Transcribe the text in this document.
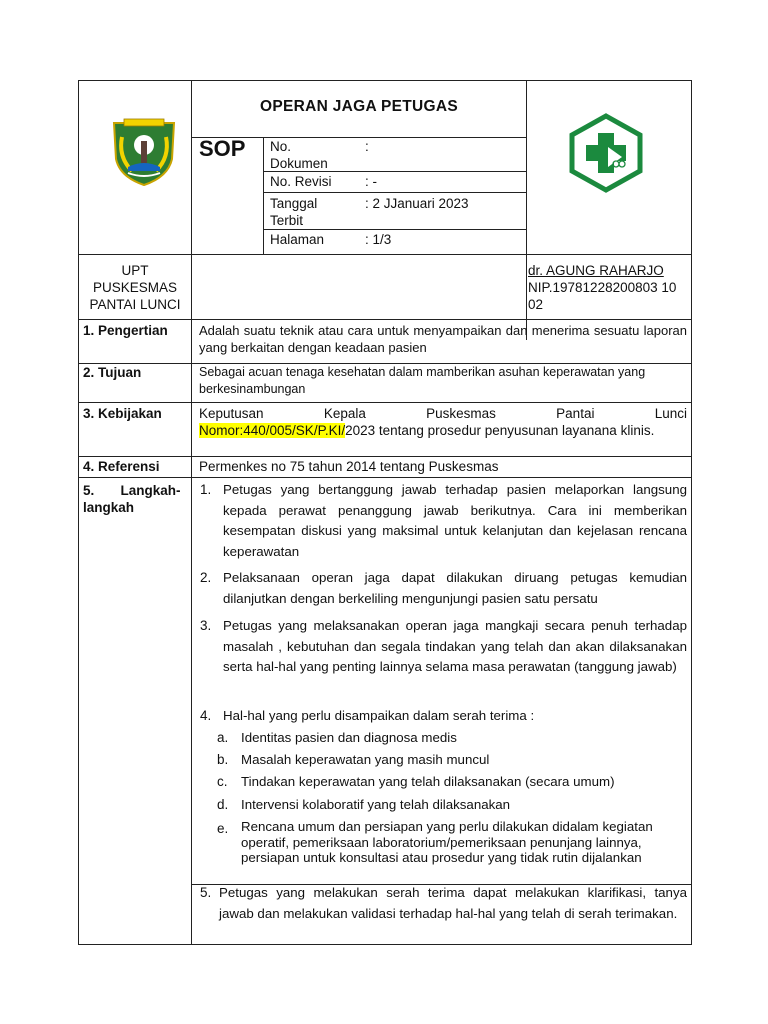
OPERAN JAGA PETUGAS
SOP No. Dokumen
:
No. Revisi : -
Tanggal Terbit
: 2 JJanuari 2023
Halaman	: 1/3
UPT PUSKESMAS PANTAI LUNCI
dr. AGUNG RAHARJO
NIP.19781228200803 1002
1. Pengertian
2. Tujuan
3. Kebijakan
4. Referensi
5.       Langkah-
langkah
Adalah suatu teknik atau cara untuk menyampaikan dan menerima sesuatu laporan yang berkaitan dengan keadaan pasien
Sebagai acuan tenaga kesehatan dalam mamberikan asuhan keperawatan yang berkesinambungan
Keputusan Kepala Puskesmas Pantai Lunci
Nomor:440/005/SK/P.KI/2023 tentang prosedur penyusunan layanana klinis.
Permenkes no 75 tahun 2014 tentang Puskesmas
1. Petugas yang bertanggung jawab terhadap pasien melaporkan langsung kepada perawat penanggung jawab berikutnya. Cara ini memberikan kesempatan diskusi yang maksimal untuk kelanjutan dan kejelasan rencana keperawatan
2. Pelaksanaan operan jaga dapat dilakukan diruang petugas kemudian dilanjutkan dengan berkeliling mengunjungi pasien satu persatu
3. Petugas yang melaksanakan operan jaga mangkaji secara penuh terhadap masalah , kebutuhan dan segala tindakan yang telah dan akan dilaksanakan serta hal-hal yang penting lainnya selama masa perawatan (tanggung jawab)
4. Hal-hal yang perlu disampaikan dalam serah terima :
a. Identitas pasien dan diagnosa medis
b. Masalah keperawatan yang masih muncul
c. Tindakan keperawatan yang telah dilaksanakan (secara umum)
d. Intervensi kolaboratif yang telah dilaksanakan
e. Rencana umum dan persiapan yang perlu dilakukan didalam kegiatan operatif, pemeriksaan laboratorium/pemeriksaan penunjang lainnya, persiapan untuk konsultasi atau prosedur yang tidak rutin dijalankan
5. Petugas yang melakukan serah terima dapat melakukan klarifikasi, tanya jawab dan melakukan validasi terhadap hal-hal yang telah di serah terimakan.
